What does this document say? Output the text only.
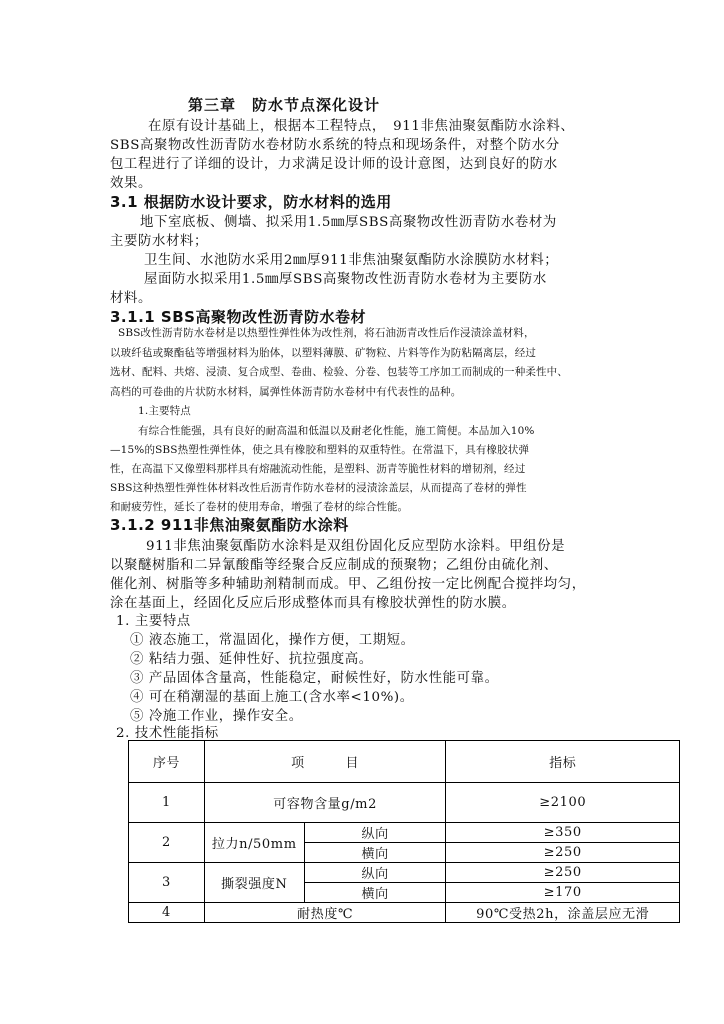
第三章　防水节点深化设计
在原有设计基础上，根据本工程特点，　911非焦油聚氨酯防水涂料、
SBS高聚物改性沥青防水卷材防水系统的特点和现场条件，对整个防水分
包工程进行了详细的设计，力求满足设计师的设计意图，达到良好的防水
效果。
3.1 根据防水设计要求，防水材料的选用
地下室底板、侧墙、拟采用1.5㎜厚SBS高聚物改性沥青防水卷材为
主要防水材料；
卫生间、水池防水采用2㎜厚911非焦油聚氨酯防水涂膜防水材料；
屋面防水拟采用1.5㎜厚SBS高聚物改性沥青防水卷材为主要防水
材料。
3.1.1 SBS高聚物改性沥青防水卷材
SBS改性沥青防水卷材是以热塑性弹性体为改性剂，将石油沥青改性后作浸渍涂盖材料，
以玻纤毡或聚酯毡等增强材料为胎体，以塑料薄膜、矿物粒、片料等作为防粘隔离层，经过
选材、配料、共熔、浸渍、复合成型、卷曲、检验、分卷、包装等工序加工而制成的一种柔性中、
高档的可卷曲的片状防水材料，属弹性体沥青防水卷材中有代表性的品种。
1.主要特点
有综合性能强，具有良好的耐高温和低温以及耐老化性能，施工简便。本品加入10%
—15%的SBS热塑性弹性体，使之具有橡胶和塑料的双重特性。在常温下，具有橡胶状弹
性，在高温下又像塑料那样具有熔融流动性能，是塑料、沥青等脆性材料的增韧剂，经过
SBS这种热塑性弹性体材料改性后沥青作防水卷材的浸渍涂盖层，从而提高了卷材的弹性
和耐疲劳性，延长了卷材的使用寿命，增强了卷材的综合性能。
3.1.2 911非焦油聚氨酯防水涂料
911非焦油聚氨酯防水涂料是双组份固化反应型防水涂料。甲组份是
以聚醚树脂和二异氰酸酯等经聚合反应制成的预聚物；乙组份由硫化剂、
催化剂、树脂等多种辅助剂精制而成。甲、乙组份按一定比例配合搅拌均匀，
涂在基面上，经固化反应后形成整体而具有橡胶状弹性的防水膜。
1. 主要特点
① 液态施工，常温固化，操作方便，工期短。
② 粘结力强、延伸性好、抗拉强度高。
③ 产品固体含量高，性能稳定，耐候性好，防水性能可靠。
④ 可在稍潮湿的基面上施工(含水率<10%)。
⑤ 冷施工作业，操作安全。
2. 技术性能指标
序号	项　　　目		指标
1	可容物含量g/m2		≥2100
2	拉力n/50mm	纵向	≥350
		横向	≥250
3	撕裂强度N	纵向	≥250
		横向	≥170
4	耐热度℃		90℃受热2h，涂盖层应无滑
